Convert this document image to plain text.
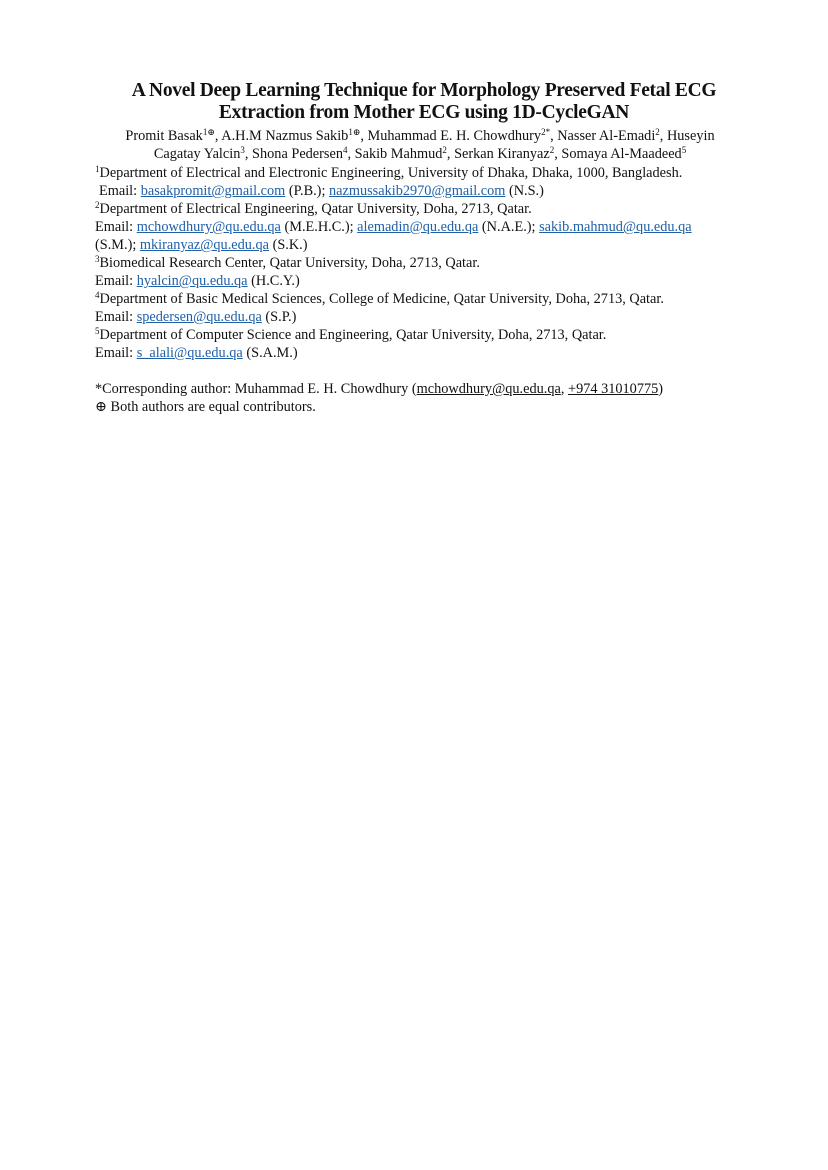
A Novel Deep Learning Technique for Morphology Preserved Fetal ECG
Extraction from Mother ECG using 1D-CycleGAN
Promit Basak$^{1\oplus}$, A.H.M Nazmus Sakib$^{1\oplus}$, Muhammad E. H. Chowdhury$^{2*}$, Nasser Al-Emadi$^2$, Huseyin
Cagatay Yalcin$^3$, Shona Pedersen$^4$, Sakib Mahmud$^2$, Serkan Kiranyaz$^2$, Somaya Al-Maadeed$^5$
$^1$Department of Electrical and Electronic Engineering, University of Dhaka, Dhaka, 1000, Bangladesh.
Email: basakpromit@gmail.com (P.B.); nazmussakib2970@gmail.com (N.S.)
$^2$Department of Electrical Engineering, Qatar University, Doha, 2713, Qatar.
Email: mchowdhury@qu.edu.qa (M.E.H.C.); alemadin@qu.edu.qa (N.A.E.); sakib.mahmud@qu.edu.qa
(S.M.); mkiranyaz@qu.edu.qa (S.K.)
$^3$Biomedical Research Center, Qatar University, Doha, 2713, Qatar.
Email: hyalcin@qu.edu.qa (H.C.Y.)
$^4$Department of Basic Medical Sciences, College of Medicine, Qatar University, Doha, 2713, Qatar.
Email: spedersen@qu.edu.qa (S.P.)
$^5$Department of Computer Science and Engineering, Qatar University, Doha, 2713, Qatar.
Email: s_alali@qu.edu.qa (S.A.M.)
*Corresponding author: Muhammad E. H. Chowdhury (mchowdhury@qu.edu.qa, +974 31010775)
⊕ Both authors are equal contributors.
